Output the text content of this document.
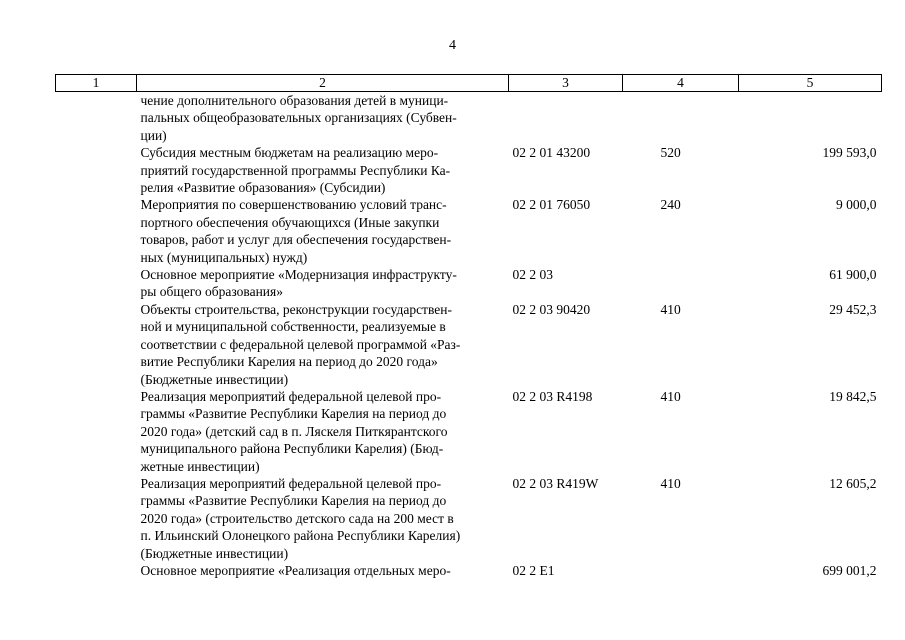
4
1	2	3	4	5

	чение дополнительного образования детей в муници-
пальных общеобразовательных организациях (Субвен-
ции)			

	Субсидия местным бюджетам на реализацию меро-
приятий государственной программы Республики Ка-
релия «Развитие образования» (Субсидии)	02 2 01 43200	520	199 593,0

	Мероприятия по совершенствованию условий транс-
портного обеспечения обучающихся (Иные закупки
товаров, работ и услуг для обеспечения государствен-
ных (муниципальных) нужд)	02 2 01 76050	240	9 000,0

	Основное мероприятие «Модернизация инфраструкту-
ры общего образования»	02 2 03		61 900,0

	Объекты строительства, реконструкции государствен-
ной и муниципальной собственности, реализуемые в
соответствии с федеральной целевой программой «Раз-
витие Республики Карелия на период до 2020 года»
(Бюджетные инвестиции)	02 2 03 90420	410	29 452,3

	Реализация мероприятий федеральной целевой про-
граммы «Развитие Республики Карелия на период до
2020 года» (детский сад в п. Ляскеля Питкярантского
муниципального района Республики Карелия) (Бюд-
жетные инвестиции)	02 2 03 R4198	410	19 842,5

	Реализация мероприятий федеральной целевой про-
граммы «Развитие Республики Карелия на период до
2020 года» (строительство детского сада на 200 мест в
п. Ильинский Олонецкого района Республики Карелия)
(Бюджетные инвестиции)	02 2 03 R419W	410	12 605,2

	Основное мероприятие «Реализация отдельных меро-	02 2 E1		699 001,2
